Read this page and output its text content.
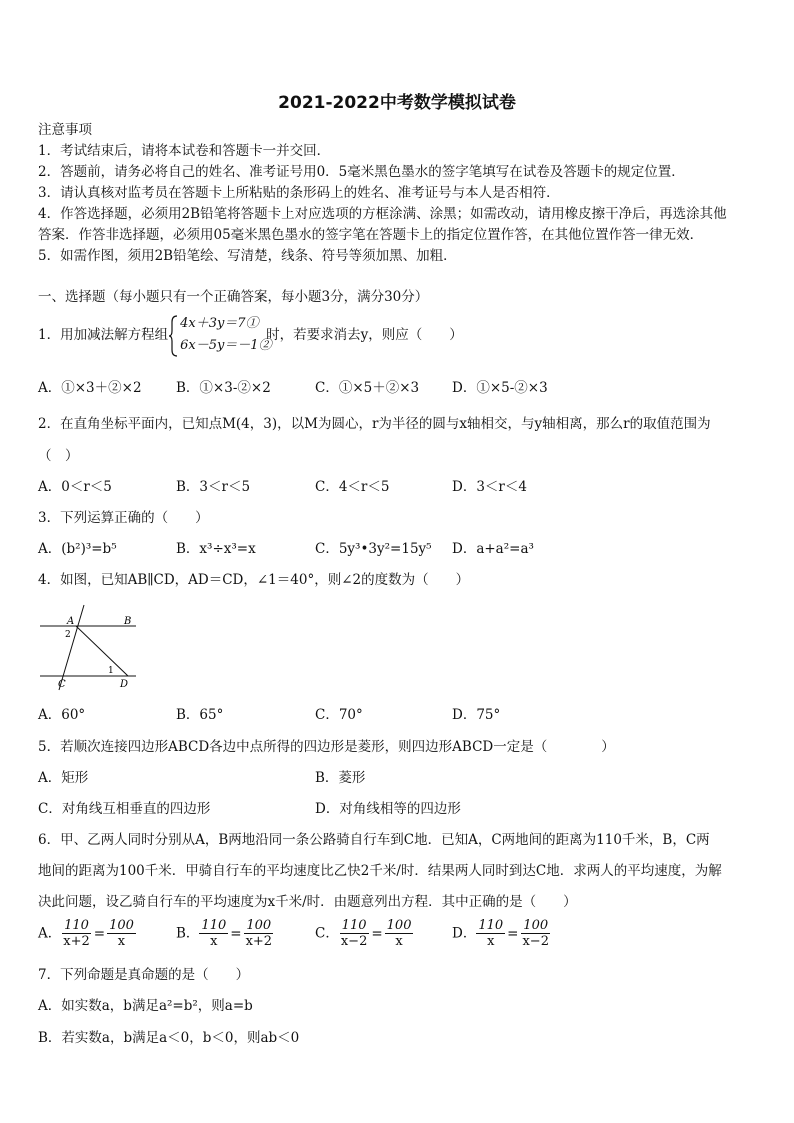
2021-2022中考数学模拟试卷
注意事项
1．考试结束后，请将本试卷和答题卡一并交回．
2．答题前，请务必将自己的姓名、准考证号用0．5毫米黑色墨水的签字笔填写在试卷及答题卡的规定位置．
3．请认真核对监考员在答题卡上所粘贴的条形码上的姓名、准考证号与本人是否相符．
4．作答选择题，必须用2B铅笔将答题卡上对应选项的方框涂满、涂黑；如需改动，请用橡皮擦干净后，再选涂其他
答案．作答非选择题，必须用05毫米黑色墨水的签字笔在答题卡上的指定位置作答，在其他位置作答一律无效．
5．如需作图，须用2B铅笔绘、写清楚，线条、符号等须加黑、加粗．
一、选择题（每小题只有一个正确答案，每小题3分，满分30分）
1．用加减法解方程组
4x＋3y＝7①
6x－5y＝－1②
时，若要求消去y，则应（　　）
A．①×3＋②×2	B．①×3-②×2	C．①×5＋②×3 D．①×5-②×3
2．在直角坐标平面内，已知点M(4，3)，以M为圆心，r为半径的圆与x轴相交，与y轴相离，那么r的取值范围为
（　）
A．0＜r＜5	B．3＜r＜5	C．4＜r＜5	D．3＜r＜4
3．下列运算正确的（　　）
A．(b²)³=b⁵	B．x³÷x³=x	C．5y³•3y²=15y⁵ D．a+a²=a³
4．如图，已知AB∥CD，AD＝CD，∠1＝40°，则∠2的度数为（　　）
A	B
C	D
2
1
A．60°	B．65°	C．70°	D．75°
5．若顺次连接四边形ABCD各边中点所得的四边形是菱形，则四边形ABCD一定是（　　　　）
A．矩形	B．菱形
C．对角线互相垂直的四边形	D．对角线相等的四边形
6．甲、乙两人同时分别从A，B两地沿同一条公路骑自行车到C地．已知A，C两地间的距离为110千米，B，C两
地间的距离为100千米．甲骑自行车的平均速度比乙快2千米/时．结果两人同时到达C地．求两人的平均速度，为解
决此问题，设乙骑自行车的平均速度为x千米/时．由题意列出方程．其中正确的是（　　）
A． $\frac{110}{x+2} = \frac{100}{x}$	B． $\frac{110}{x} = \frac{100}{x+2}$	C． $\frac{110}{x-2} = \frac{100}{x}$	D． $\frac{110}{x} = \frac{100}{x-2}$
7．下列命题是真命题的是（　　）
A．如实数a，b满足a²=b²，则a=b
B．若实数a，b满足a＜0，b＜0，则ab＜0
